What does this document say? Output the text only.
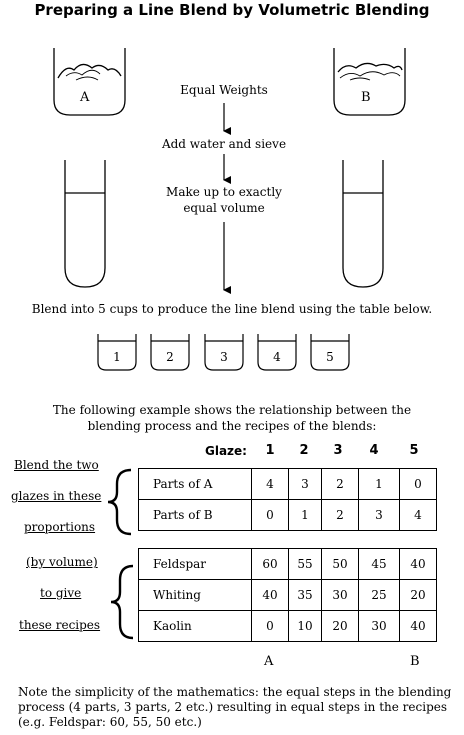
Preparing a Line Blend by Volumetric Blending
A	B
Equal Weights
Add water and sieve
Make up to exactly
equal volume
Blend into 5 cups to produce the line blend using the table below.
1	2	3	4	5
The following example shows the relationship between the
blending process and the recipes of the blends:
Glaze:	1	2	3	4	5
Blend the two
glazes in these
proportions
(by volume)
to give
these recipes
Parts of A	4	3	2	1	0
Parts of B	0	1	2	3	4
Feldspar	60	55	50	45	40
Whiting	40	35	30	25	20
Kaolin	0	10	20	30	40
A	B
Note the simplicity of the mathematics: the equal steps in the blending
process (4 parts, 3 parts, 2 etc.) resulting in equal steps in the recipes
(e.g. Feldspar: 60, 55, 50 etc.)
